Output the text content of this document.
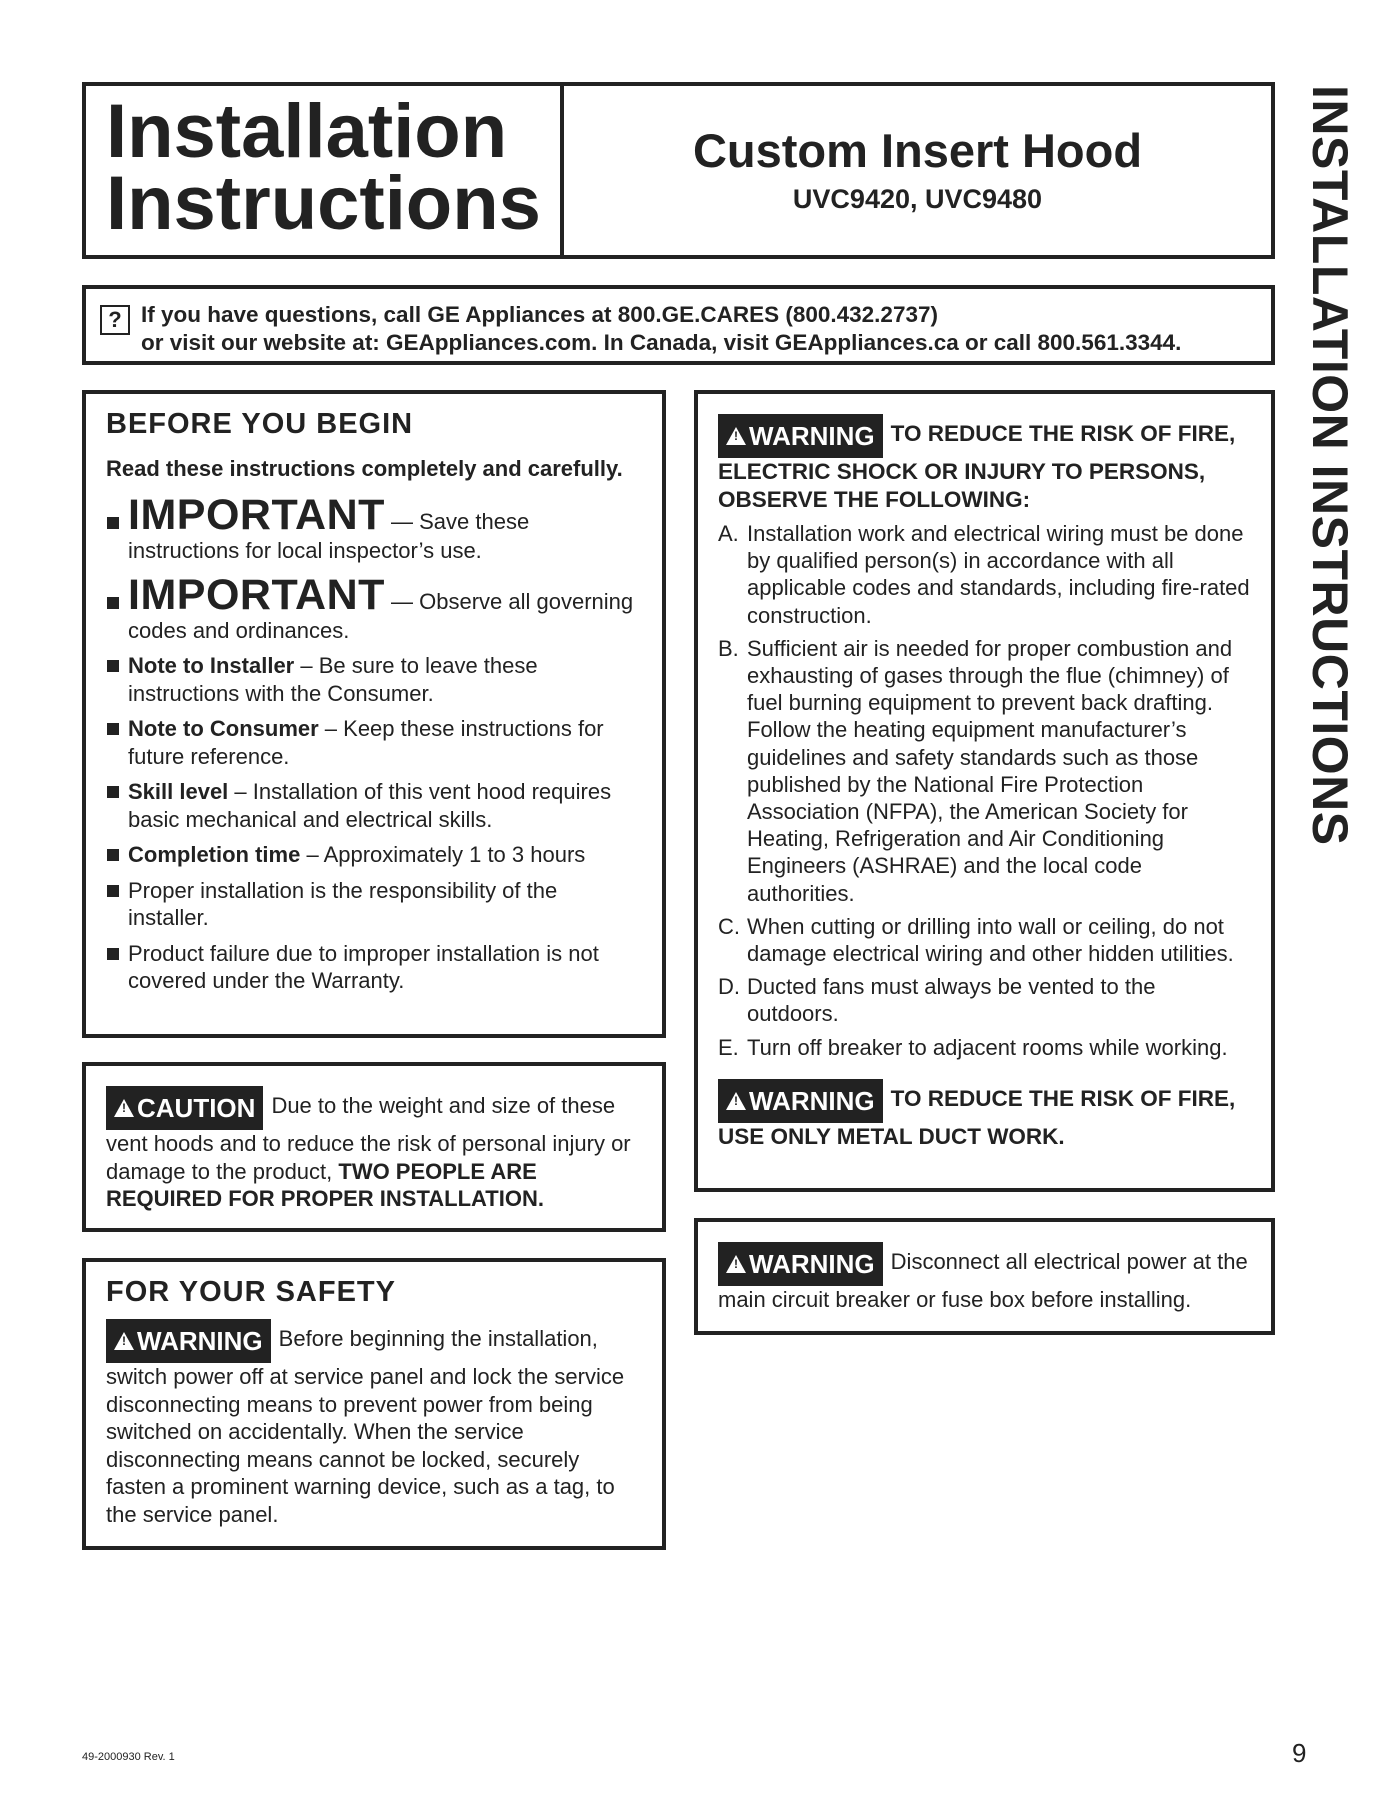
Installation
Instructions
Custom Insert Hood
UVC9420, UVC9480
? If you have questions, call GE Appliances at 800.GE.CARES (800.432.2737)
or visit our website at: GEAppliances.com. In Canada, visit GEAppliances.ca or call 800.561.3344.	INSTALLATION INSTRUCTIONS
BEFORE YOU BEGIN
Read these instructions completely and carefully.
IMPORTANT — Save these instructions for local inspector’s use.
IMPORTANT — Observe all governing codes and ordinances.
Note to Installer – Be sure to leave these instructions with the Consumer.
Note to Consumer – Keep these instructions for future reference.
Skill level – Installation of this vent hood requires basic mechanical and electrical skills.
Completion time – Approximately 1 to 3 hours
Proper installation is the responsibility of the installer.
Product failure due to improper installation is not covered under the Warranty.
!CAUTION Due to the weight and size of these vent hoods and to reduce the risk of personal injury or damage to the product, TWO PEOPLE ARE REQUIRED FOR PROPER INSTALLATION.
FOR YOUR SAFETY
!WARNING Before beginning the installation, switch power off at service panel and lock the service disconnecting means to prevent power from being switched on accidentally. When the service disconnecting means cannot be locked, securely fasten a prominent warning device, such as a tag, to the service panel.
!WARNING TO REDUCE THE RISK OF FIRE, ELECTRIC SHOCK OR INJURY TO PERSONS, OBSERVE THE FOLLOWING:
A. Installation work and electrical wiring must be done by qualified person(s) in accordance with all applicable codes and standards, including fire-rated construction.
B. Sufficient air is needed for proper combustion and exhausting of gases through the flue (chimney) of fuel burning equipment to prevent back drafting. Follow the heating equipment manufacturer’s guidelines and safety standards such as those published by the National Fire Protection Association (NFPA), the American Society for Heating, Refrigeration and Air Conditioning Engineers (ASHRAE) and the local code authorities.
C. When cutting or drilling into wall or ceiling, do not damage electrical wiring and other hidden utilities.
D. Ducted fans must always be vented to the outdoors.
E. Turn off breaker to adjacent rooms while working.
!WARNING TO REDUCE THE RISK OF FIRE, USE ONLY METAL DUCT WORK.
!WARNING Disconnect all electrical power at the main circuit breaker or fuse box before installing.
49-2000930 Rev. 1	9
